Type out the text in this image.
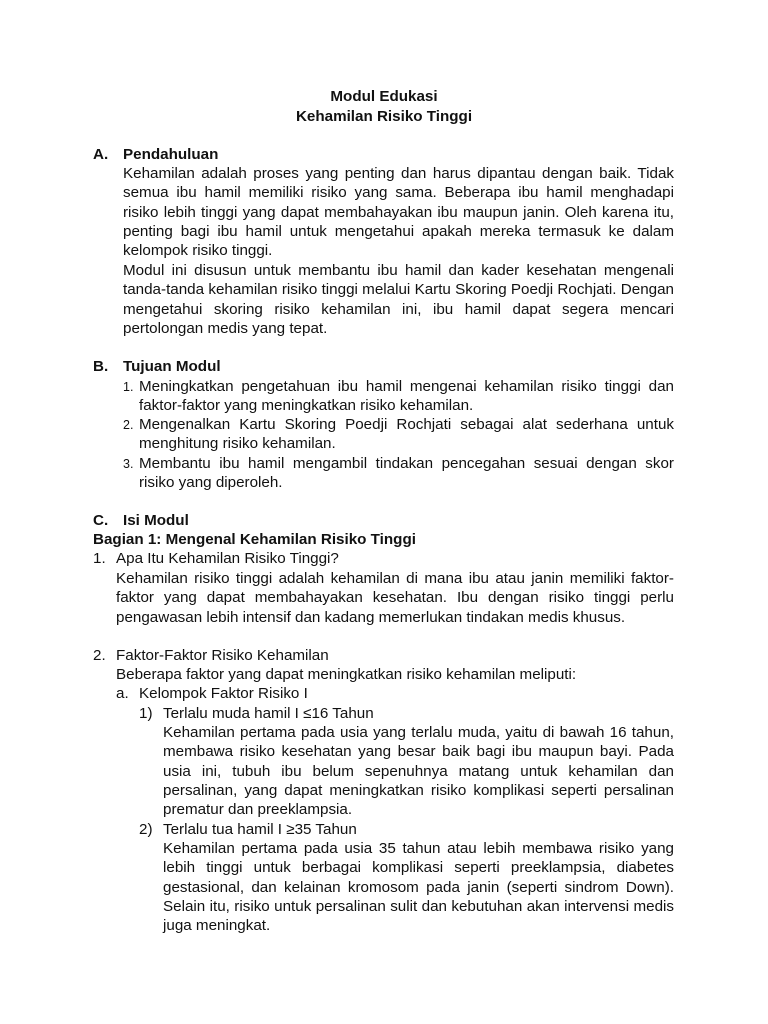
Modul Edukasi
Kehamilan Risiko Tinggi
A. Pendahuluan
Kehamilan adalah proses yang penting dan harus dipantau dengan baik. Tidak semua ibu hamil memiliki risiko yang sama. Beberapa ibu hamil menghadapi risiko lebih tinggi yang dapat membahayakan ibu maupun janin. Oleh karena itu, penting bagi ibu hamil untuk mengetahui apakah mereka termasuk ke dalam kelompok risiko tinggi.
Modul ini disusun untuk membantu ibu hamil dan kader kesehatan mengenali tanda-tanda kehamilan risiko tinggi melalui Kartu Skoring Poedji Rochjati. Dengan mengetahui skoring risiko kehamilan ini, ibu hamil dapat segera mencari pertolongan medis yang tepat.
B. Tujuan Modul
1. Meningkatkan pengetahuan ibu hamil mengenai kehamilan risiko tinggi dan faktor-faktor yang meningkatkan risiko kehamilan.
2. Mengenalkan Kartu Skoring Poedji Rochjati sebagai alat sederhana untuk menghitung risiko kehamilan.
3. Membantu ibu hamil mengambil tindakan pencegahan sesuai dengan skor risiko yang diperoleh.
C. Isi Modul
Bagian 1: Mengenal Kehamilan Risiko Tinggi
1. Apa Itu Kehamilan Risiko Tinggi?
Kehamilan risiko tinggi adalah kehamilan di mana ibu atau janin memiliki faktor-faktor yang dapat membahayakan kesehatan. Ibu dengan risiko tinggi perlu pengawasan lebih intensif dan kadang memerlukan tindakan medis khusus.
2. Faktor-Faktor Risiko Kehamilan
Beberapa faktor yang dapat meningkatkan risiko kehamilan meliputi:
a. Kelompok Faktor Risiko I
1) Terlalu muda hamil I ≤16 Tahun
Kehamilan pertama pada usia yang terlalu muda, yaitu di bawah 16 tahun, membawa risiko kesehatan yang besar baik bagi ibu maupun bayi. Pada usia ini, tubuh ibu belum sepenuhnya matang untuk kehamilan dan persalinan, yang dapat meningkatkan risiko komplikasi seperti persalinan prematur dan preeklampsia.
2) Terlalu tua hamil I ≥35 Tahun
Kehamilan pertama pada usia 35 tahun atau lebih membawa risiko yang lebih tinggi untuk berbagai komplikasi seperti preeklampsia, diabetes gestasional, dan kelainan kromosom pada janin (seperti sindrom Down). Selain itu, risiko untuk persalinan sulit dan kebutuhan akan intervensi medis juga meningkat.
